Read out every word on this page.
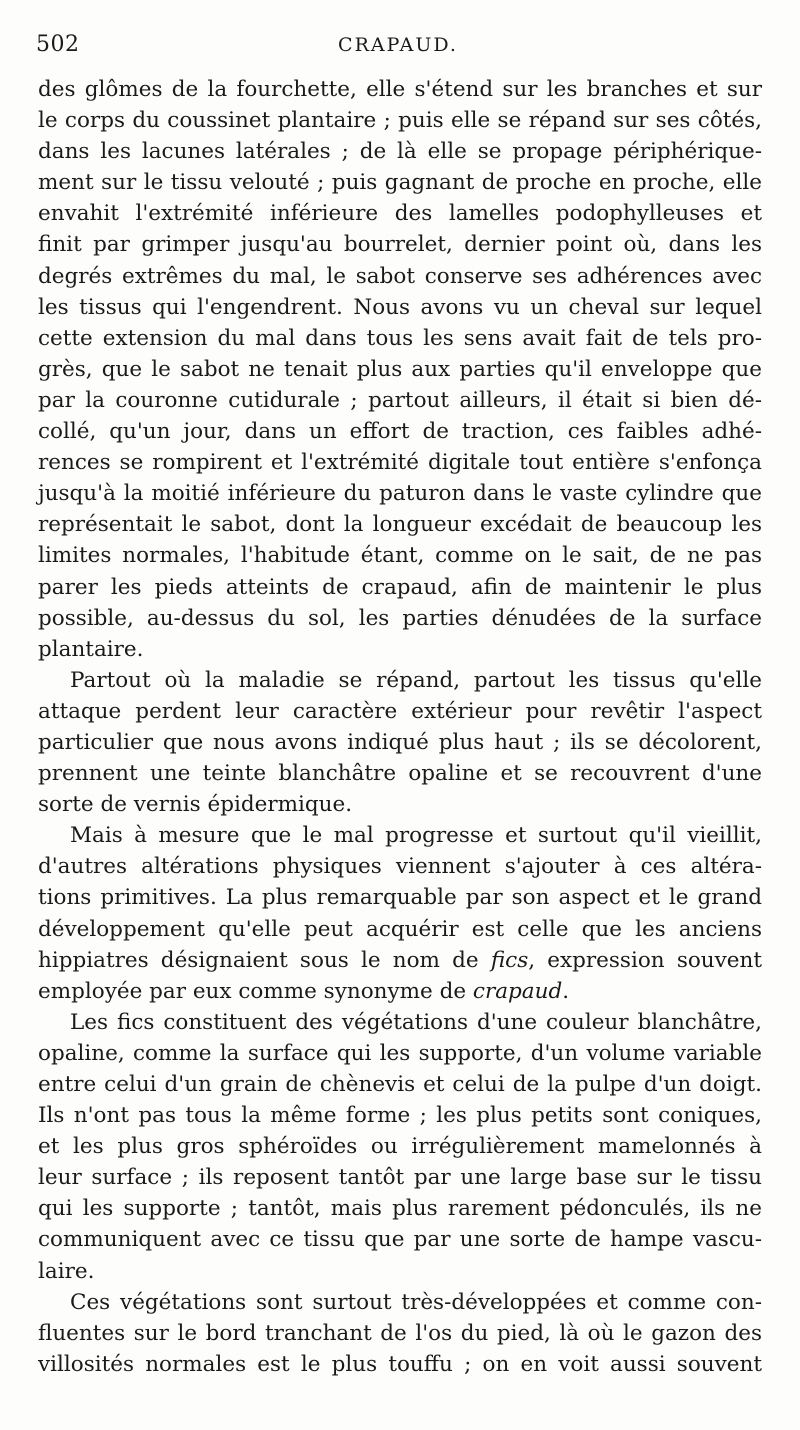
502	CRAPAUD.
des glômes de la fourchette, elle s'étend sur les branches et sur
le corps du coussinet plantaire ; puis elle se répand sur ses côtés,
dans les lacunes latérales ; de là elle se propage périphérique-
ment sur le tissu velouté ; puis gagnant de proche en proche, elle
envahit l'extrémité inférieure des lamelles podophylleuses et
finit par grimper jusqu'au bourrelet, dernier point où, dans les
degrés extrêmes du mal, le sabot conserve ses adhérences avec
les tissus qui l'engendrent. Nous avons vu un cheval sur lequel
cette extension du mal dans tous les sens avait fait de tels pro-
grès, que le sabot ne tenait plus aux parties qu'il enveloppe que
par la couronne cutidurale ; partout ailleurs, il était si bien dé-
collé, qu'un jour, dans un effort de traction, ces faibles adhé-
rences se rompirent et l'extrémité digitale tout entière s'enfonça
jusqu'à la moitié inférieure du paturon dans le vaste cylindre que
représentait le sabot, dont la longueur excédait de beaucoup les
limites normales, l'habitude étant, comme on le sait, de ne pas
parer les pieds atteints de crapaud, afin de maintenir le plus
possible, au-dessus du sol, les parties dénudées de la surface
plantaire.
Partout où la maladie se répand, partout les tissus qu'elle
attaque perdent leur caractère extérieur pour revêtir l'aspect
particulier que nous avons indiqué plus haut ; ils se décolorent,
prennent une teinte blanchâtre opaline et se recouvrent d'une
sorte de vernis épidermique.
Mais à mesure que le mal progresse et surtout qu'il vieillit,
d'autres altérations physiques viennent s'ajouter à ces altéra-
tions primitives. La plus remarquable par son aspect et le grand
développement qu'elle peut acquérir est celle que les anciens
hippiatres désignaient sous le nom de fics, expression souvent
employée par eux comme synonyme de crapaud.
Les fics constituent des végétations d'une couleur blanchâtre,
opaline, comme la surface qui les supporte, d'un volume variable
entre celui d'un grain de chènevis et celui de la pulpe d'un doigt.
Ils n'ont pas tous la même forme ; les plus petits sont coniques,
et les plus gros sphéroïdes ou irrégulièrement mamelonnés à
leur surface ; ils reposent tantôt par une large base sur le tissu
qui les supporte ; tantôt, mais plus rarement pédonculés, ils ne
communiquent avec ce tissu que par une sorte de hampe vascu-
laire.
Ces végétations sont surtout très-développées et comme con-
fluentes sur le bord tranchant de l'os du pied, là où le gazon des
villosités normales est le plus touffu ; on en voit aussi souvent
